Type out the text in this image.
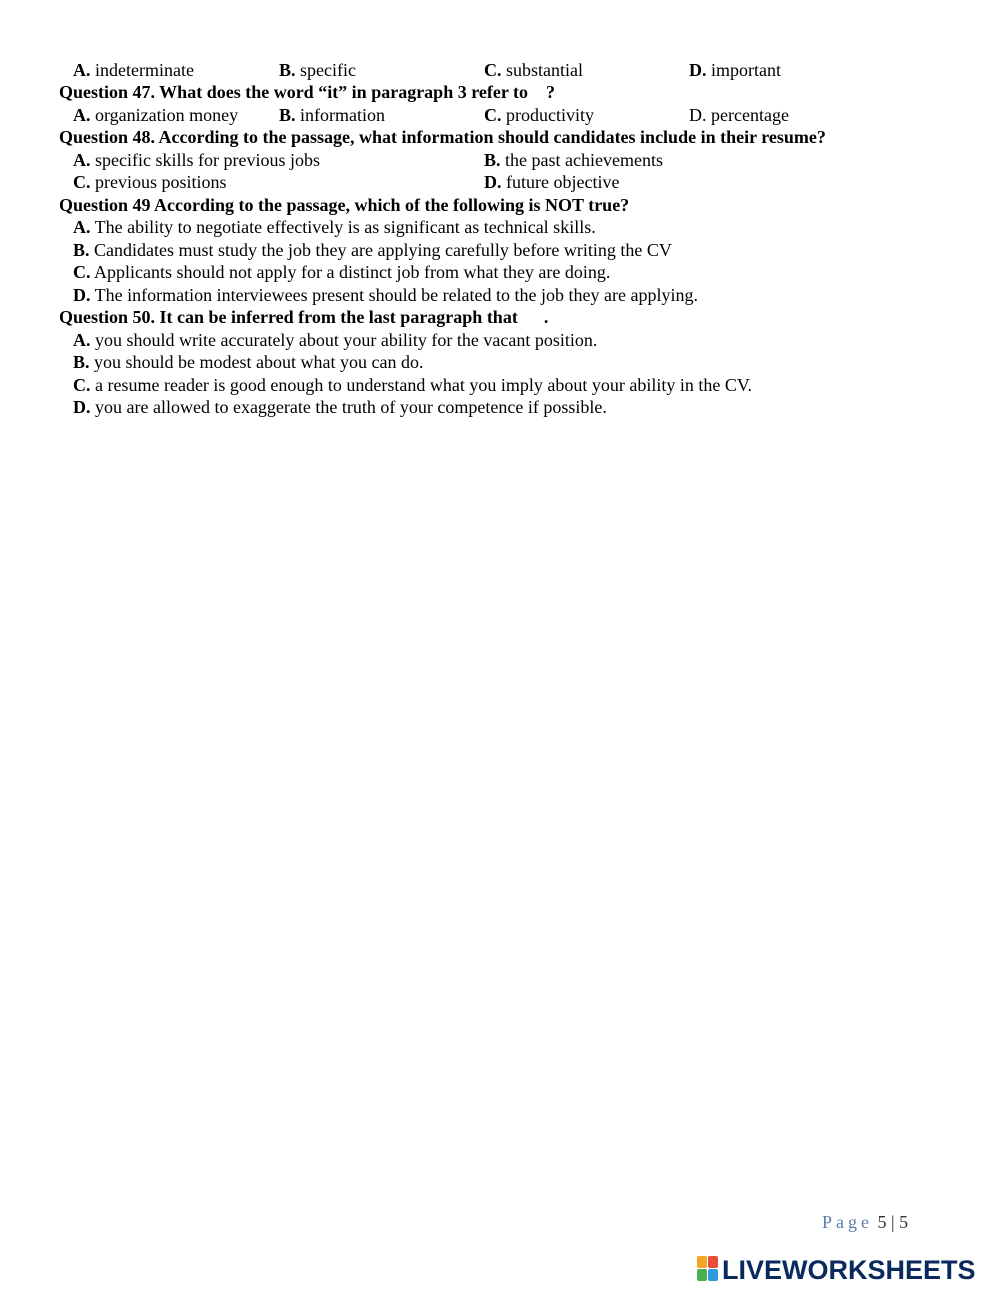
A. indeterminate	B. specific	C. substantial	D. important
Question 47. What does the word “it” in paragraph 3 refer to ?
A. organization money B. information	C. productivity	D. percentage
Question 48. According to the passage, what information should candidates include in their resume?
A. specific skills for previous jobs	B. the past achievements
C. previous positions	D. future objective
Question 49 According to the passage, which of the following is NOT true?
A. The ability to negotiate effectively is as significant as technical skills.
B. Candidates must study the job they are applying carefully before writing the CV
C. Applicants should not apply for a distinct job from what they are doing.
D. The information interviewees present should be related to the job they are applying.
Question 50. It can be inferred from the last paragraph that .
A. you should write accurately about your ability for the vacant position.
B. you should be modest about what you can do.
C. a resume reader is good enough to understand what you imply about your ability in the CV.
D. you are allowed to exaggerate the truth of your competence if possible.
Page 5 | 5
LIVEWORKSHEETS
